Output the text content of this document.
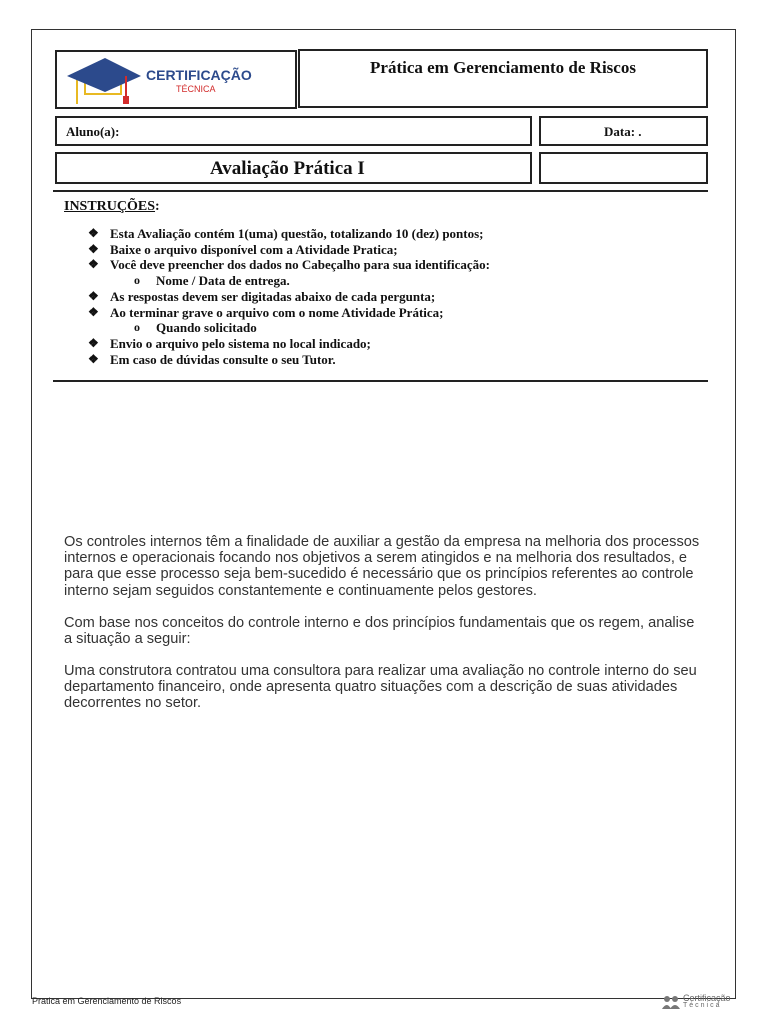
CERTIFICAÇÃO
TÉCNICA
Prática em Gerenciamento de Riscos
Aluno(a):	Data: .
Avaliação Prática I
INSTRUÇÕES:
❖ Esta Avaliação contém 1(uma) questão, totalizando 10 (dez) pontos;
❖ Baixe o arquivo disponível com a Atividade Pratica;
❖ Você deve preencher dos dados no Cabeçalho para sua identificação:
o Nome / Data de entrega.
❖ As respostas devem ser digitadas abaixo de cada pergunta;
❖ Ao terminar grave o arquivo com o nome Atividade Prática;
o Quando solicitado
❖ Envio o arquivo pelo sistema no local indicado;
❖ Em caso de dúvidas consulte o seu Tutor.
Os controles internos têm a finalidade de auxiliar a gestão da empresa na melhoria dos processos internos e operacionais focando nos objetivos a serem atingidos e na melhoria dos resultados, e para que esse processo seja bem-sucedido é necessário que os princípios referentes ao controle interno sejam seguidos constantemente e continuamente pelos gestores.
Com base nos conceitos do controle interno e dos princípios fundamentais que os regem, analise a situação a seguir:
Uma construtora contratou uma consultora para realizar uma avaliação no controle interno do seu departamento financeiro, onde apresenta quatro situações com a descrição de suas atividades decorrentes no setor.
Pratica em Gerenciamento de Riscos	Certificação
Técnica
